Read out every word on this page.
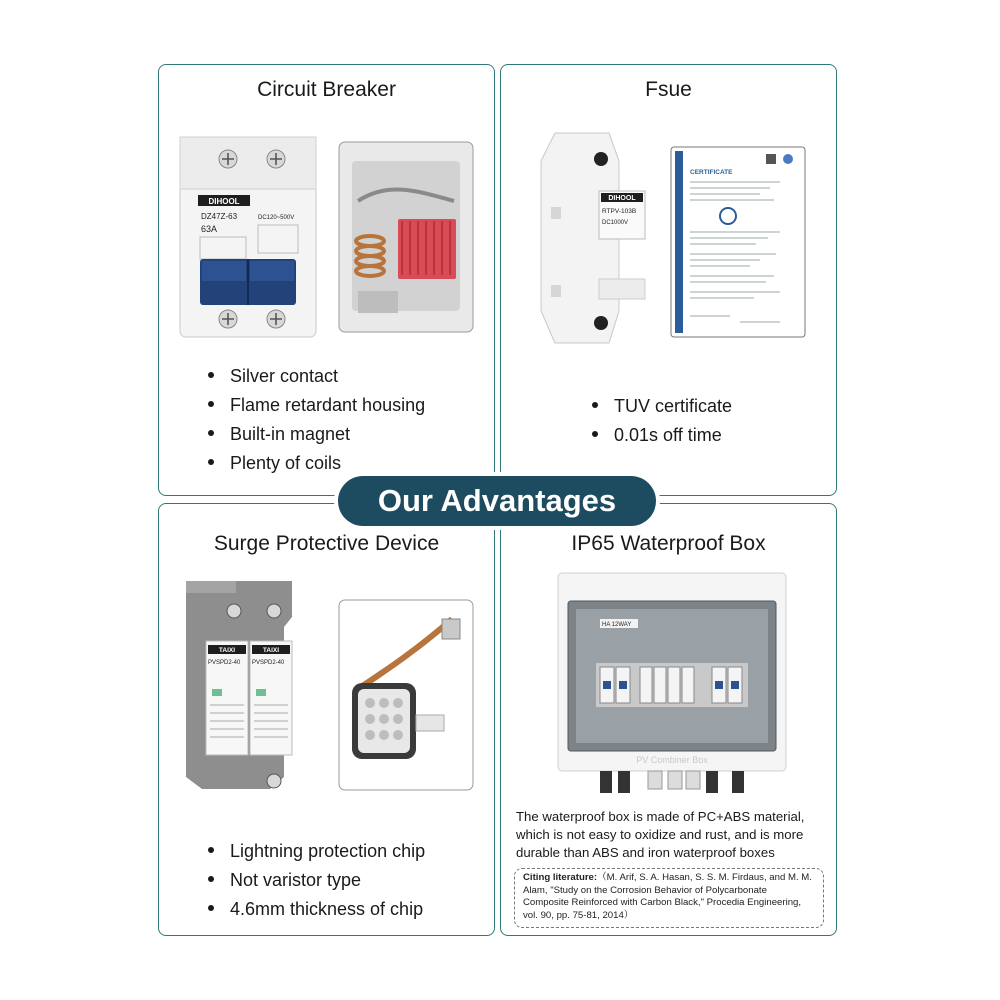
Circuit Breaker
DIHOOL
DZ47Z-63
63A
DC120~500V
Silver contact
Flame retardant housing
Built-in magnet
Plenty of coils
Fsue
DIHOOL
RTPV-103B
DC1000V
CERTIFICATE
TUV certificate
0.01s off time
Surge Protective Device
TAIXI	TAIXI
PVSPD2-40 PVSPD2-40
Lightning protection chip
Not varistor type
4.6mm thickness of chip
IP65 Waterproof Box
HA 12WAY
PV Combiner Box
The waterproof box is made of PC+ABS material, which is not easy to oxidize and rust, and is more durable than ABS and iron waterproof boxes
Citing literature:（M. Arif, S. A. Hasan, S. S. M. Firdaus, and M. M. Alam, "Study on the Corrosion Behavior of Polycarbonate Composite Reinforced with Carbon Black," Procedia Engineering, vol. 90, pp. 75-81, 2014）
Our Advantages
